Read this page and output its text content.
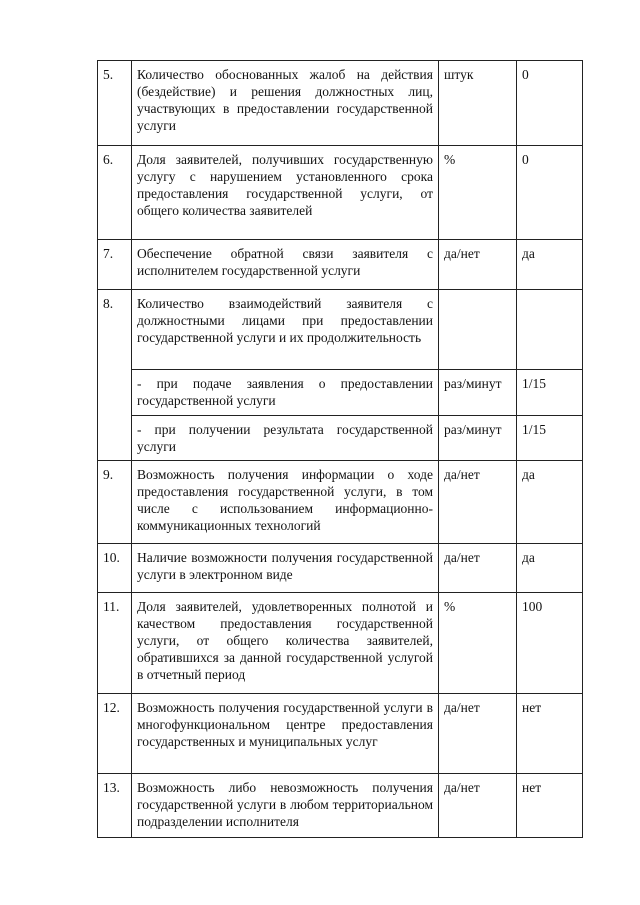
5.	Количество обоснованных жалоб на действия (бездействие) и решения должностных лиц, участвующих в предоставлении государственной услуги	штук	0
6.	Доля заявителей, получивших государственную услугу с нарушением установленного срока предоставления государственной услуги, от общего количества заявителей	%	0
7.	Обеспечение обратной связи заявителя с исполнителем государственной услуги	да/нет	да
8.	Количество взаимодействий заявителя с должностными лицами при предоставлении государственной услуги и их продолжительность		
	- при подаче заявления о предоставлении государственной услуги	раз/минут	1/15
	- при получении результата государственной услуги	раз/минут	1/15
9.	Возможность получения информации о ходе предоставления государственной услуги, в том числе с использованием информационно-коммуникационных технологий	да/нет	да
10.	Наличие возможности получения государственной услуги в электронном виде	да/нет	да
11.	Доля заявителей, удовлетворенных полнотой и качеством предоставления государственной услуги, от общего количества заявителей, обратившихся за данной государственной услугой в отчетный период	%	100
12.	Возможность получения государственной услуги в многофункциональном центре предоставления государственных и муниципальных услуг	да/нет	нет
13.	Возможность либо невозможность получения государственной услуги в любом территориальном подразделении исполнителя	да/нет	нет
